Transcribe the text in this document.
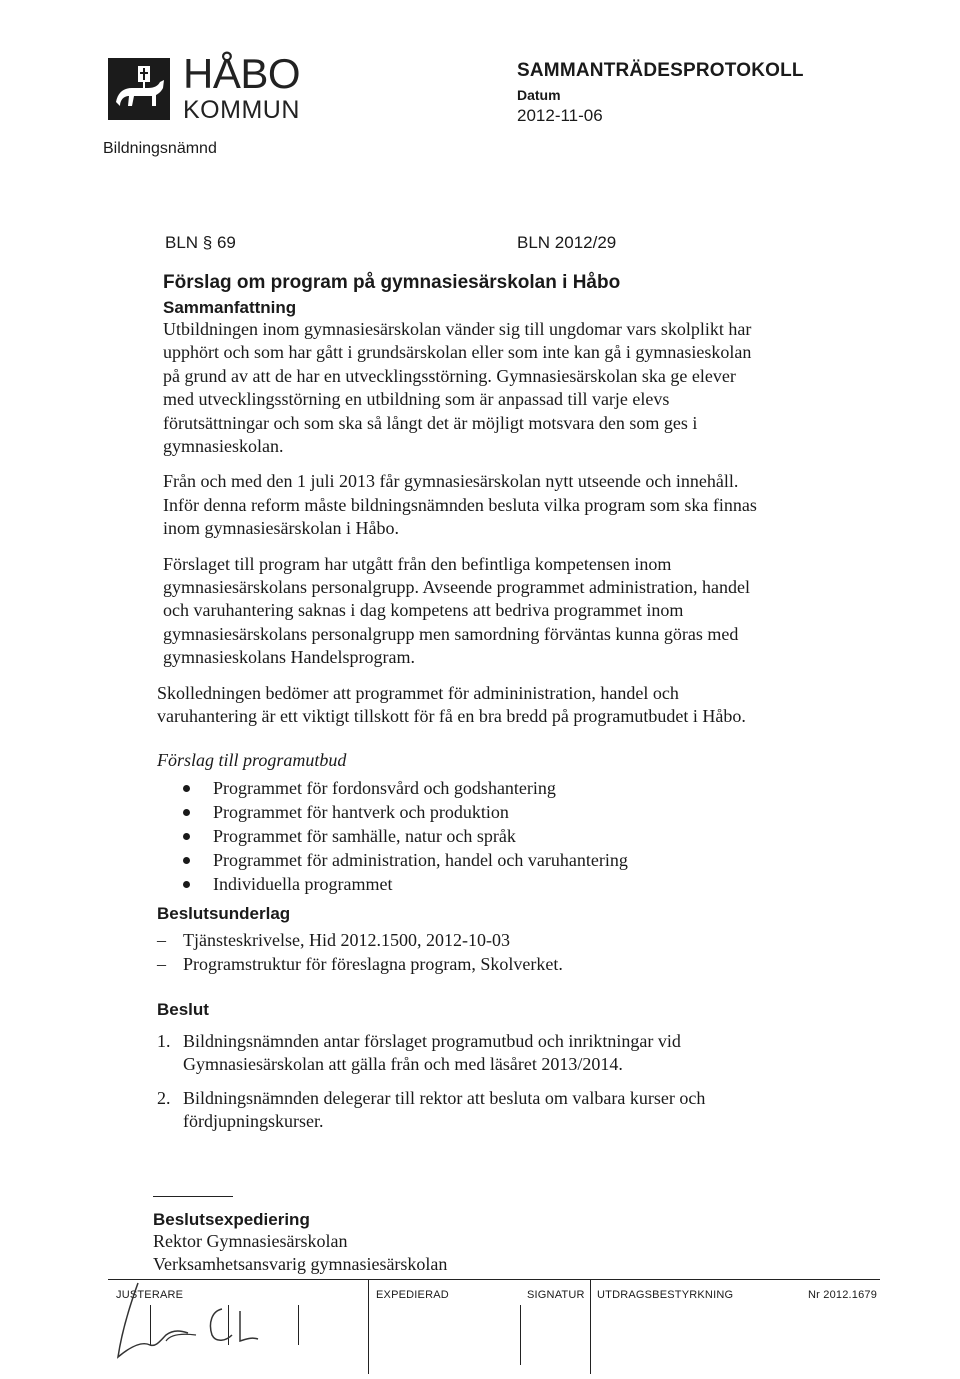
HÅBO
KOMMUN
Bildningsnämnd
SAMMANTRÄDESPROTOKOLL
Datum
2012-11-06
BLN § 69	BLN 2012/29
Förslag om program på gymnasiesärskolan i Håbo
Sammanfattning

Utbildningen inom gymnasiesärskolan vänder sig till ungdomar vars skolplikt har upphört och som har gått i grundsärskolan eller som inte kan gå i gymnasieskolan på grund av att de har en utvecklingsstörning. Gymnasiesärskolan ska ge elever med utvecklingsstörning en utbildning som är anpassad till varje elevs förutsättningar och som ska så långt det är möjligt motsvara den som ges i gymnasieskolan.

Från och med den 1 juli 2013 får gymnasiesärskolan nytt utseende och innehåll. Inför denna reform måste bildningsnämnden besluta vilka program som ska finnas inom gymnasiesärskolan i Håbo.

Förslaget till program har utgått från den befintliga kompetensen inom gymnasiesärskolans personalgrupp. Avseende programmet administration, handel och varuhantering saknas i dag kompetens att bedriva programmet inom gymnasiesärskolans personalgrupp men samordning förväntas kunna göras med gymnasieskolans Handelsprogram.

Skolledningen bedömer att programmet för admininistration, handel och varuhantering är ett viktigt tillskott för få en bra bredd på programutbudet i Håbo.

Förslag till programutbud

Programmet för fordonsvård och godshantering
Programmet för hantverk och produktion
Programmet för samhälle, natur och språk
Programmet för administration, handel och varuhantering
Individuella programmet
Beslutsunderlag
– Tjänsteskrivelse, Hid 2012.1500, 2012-10-03
– Programstruktur för föreslagna program, Skolverket.
Beslut
1. Bildningsnämnden antar förslaget programutbud och inriktningar vid Gymnasiesärskolan att gälla från och med läsåret 2013/2014.
2. Bildningsnämnden delegerar till rektor att besluta om valbara kurser och fördjupningskurser.
Beslutsexpediering

Rektor Gymnasiesärskolan

Verksamhetsansvarig gymnasiesärskolan

JUSTERARE	EXPEDIERAD	SIGNATUR UTDRAGSBESTYRKNING	Nr 2012.1679
